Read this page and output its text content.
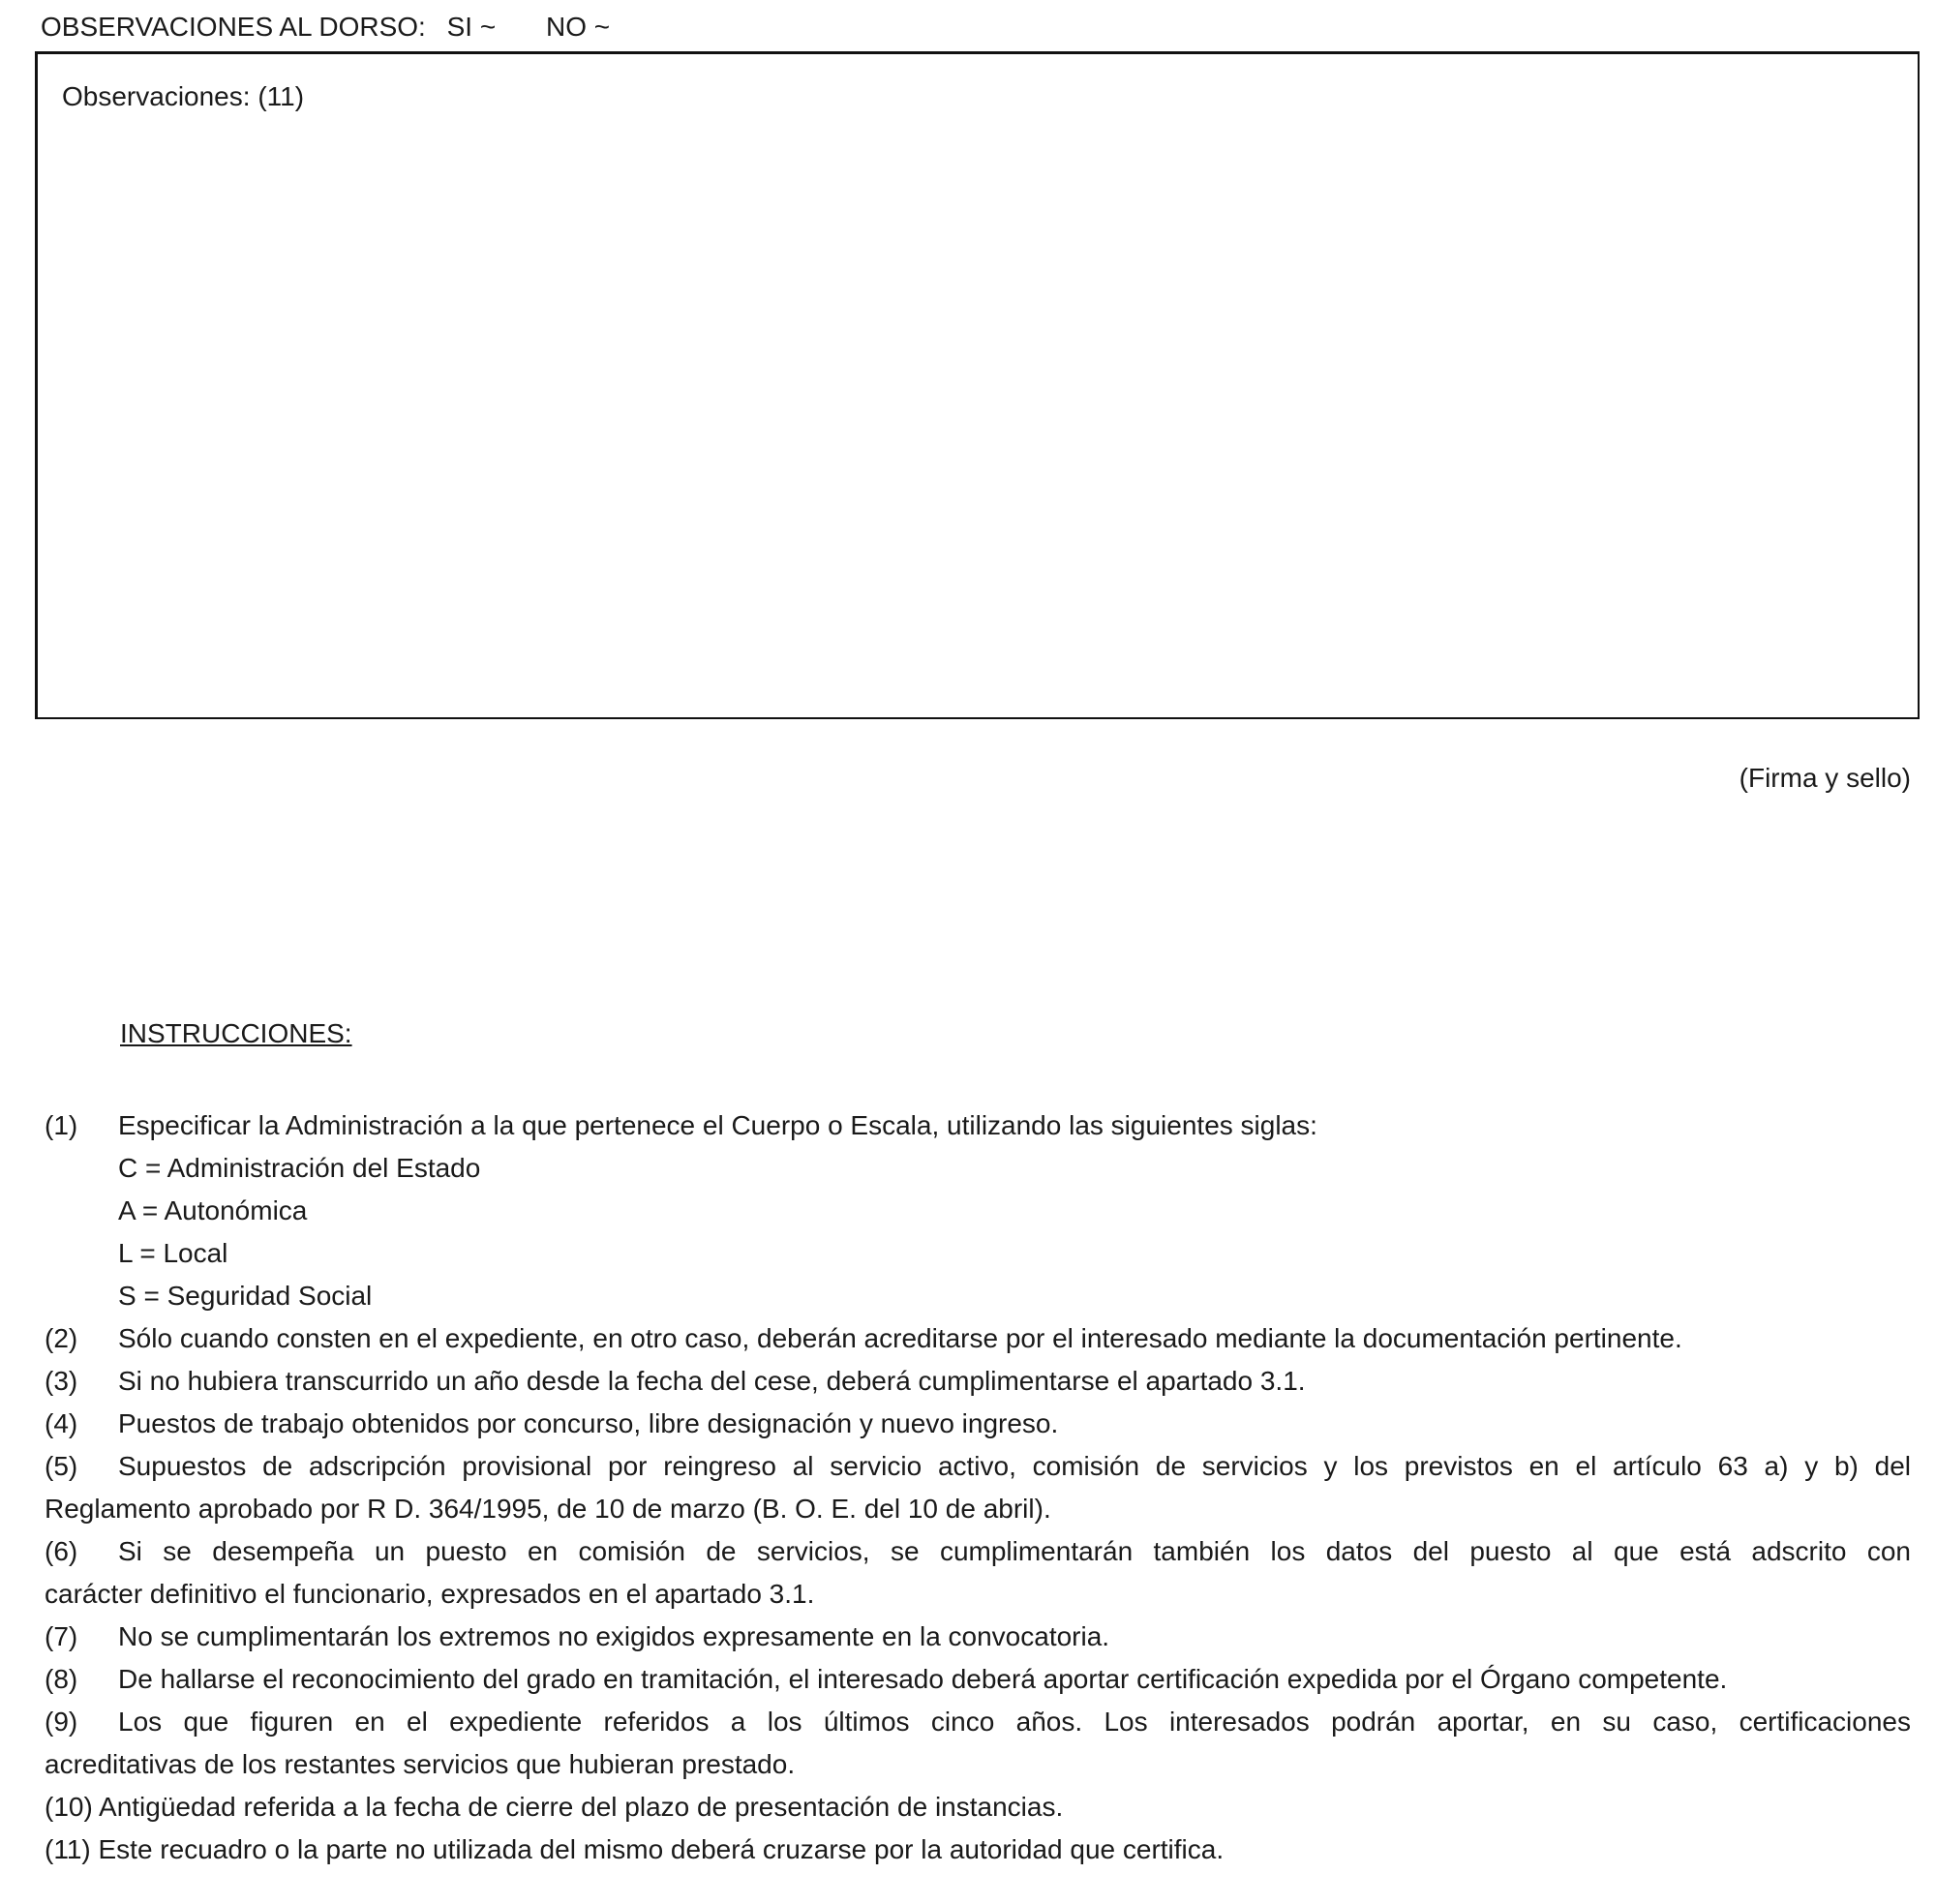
OBSERVACIONES AL DORSO: SI ~ NO ~
Observaciones: (11)
(Firma y sello)
INSTRUCCIONES:
(1) Especificar la Administración a la que pertenece el Cuerpo o Escala, utilizando las siguientes siglas:
C = Administración del Estado
A = Autonómica
L = Local
S = Seguridad Social
(2) Sólo cuando consten en el expediente, en otro caso, deberán acreditarse por el interesado mediante la documentación pertinente.
(3) Si no hubiera transcurrido un año desde la fecha del cese, deberá cumplimentarse el apartado 3.1.
(4) Puestos de trabajo obtenidos por concurso, libre designación y nuevo ingreso.
(5)	Supuestos de adscripción provisional por reingreso al servicio activo, comisión de servicios y los previstos en el artículo 63 a) y b) del
Reglamento aprobado por R D. 364/1995, de 10 de marzo (B. O. E. del 10 de abril).
(6)	Si se desempeña un puesto en comisión de servicios, se cumplimentarán también los datos del puesto al que está adscrito con
carácter definitivo el funcionario, expresados en el apartado 3.1.
(7) No se cumplimentarán los extremos no exigidos expresamente en la convocatoria.
(8) De hallarse el reconocimiento del grado en tramitación, el interesado deberá aportar certificación expedida por el Órgano competente.
(9)	Los que figuren en el expediente referidos a los últimos cinco años. Los interesados podrán aportar, en su caso, certificaciones
acreditativas de los restantes servicios que hubieran prestado.
(10) Antigüedad referida a la fecha de cierre del plazo de presentación de instancias.
(11) Este recuadro o la parte no utilizada del mismo deberá cruzarse por la autoridad que certifica.
